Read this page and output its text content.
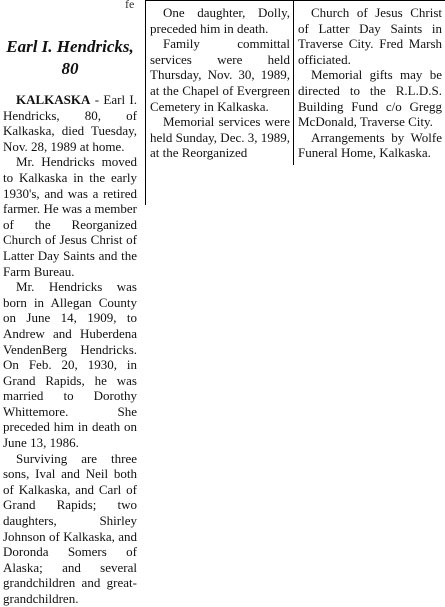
fe
Earl I. Hendricks,
80

KALKASKA - Earl I. Hendricks, 80, of Kalkaska, died Tuesday, Nov. 28, 1989 at home.

Mr. Hendricks moved to Kalkaska in the early 1930's, and was a retired farmer. He was a member of the Reorganized Church of Jesus Christ of Latter Day Saints and the Farm Bureau.

Mr. Hendricks was born in Allegan County on June 14, 1909, to Andrew and Huberdena VendenBerg Hendricks. On Feb. 20, 1930, in Grand Rapids, he was married to Dorothy Whittemore. She preceded him in death on June 13, 1986.

Surviving are three sons, Ival and Neil both of Kalkaska, and Carl of Grand Rapids; two daughters, Shirley Johnson of Kalkaska, and Doronda Somers of Alaska; and several grandchildren and great-grandchildren.

One daughter, Dolly, preceded him in death.

Family committal services were held Thursday, Nov. 30, 1989, at the Chapel of Evergreen Cemetery in Kalkaska.

Memorial services were held Sunday, Dec. 3, 1989, at the Reorganized

Church of Jesus Christ of Latter Day Saints in Traverse City. Fred Marsh officiated.

Memorial gifts may be directed to the R.L.D.S. Building Fund c/o Gregg McDonald, Traverse City.

Arrangements by Wolfe Funeral Home, Kalkaska.
